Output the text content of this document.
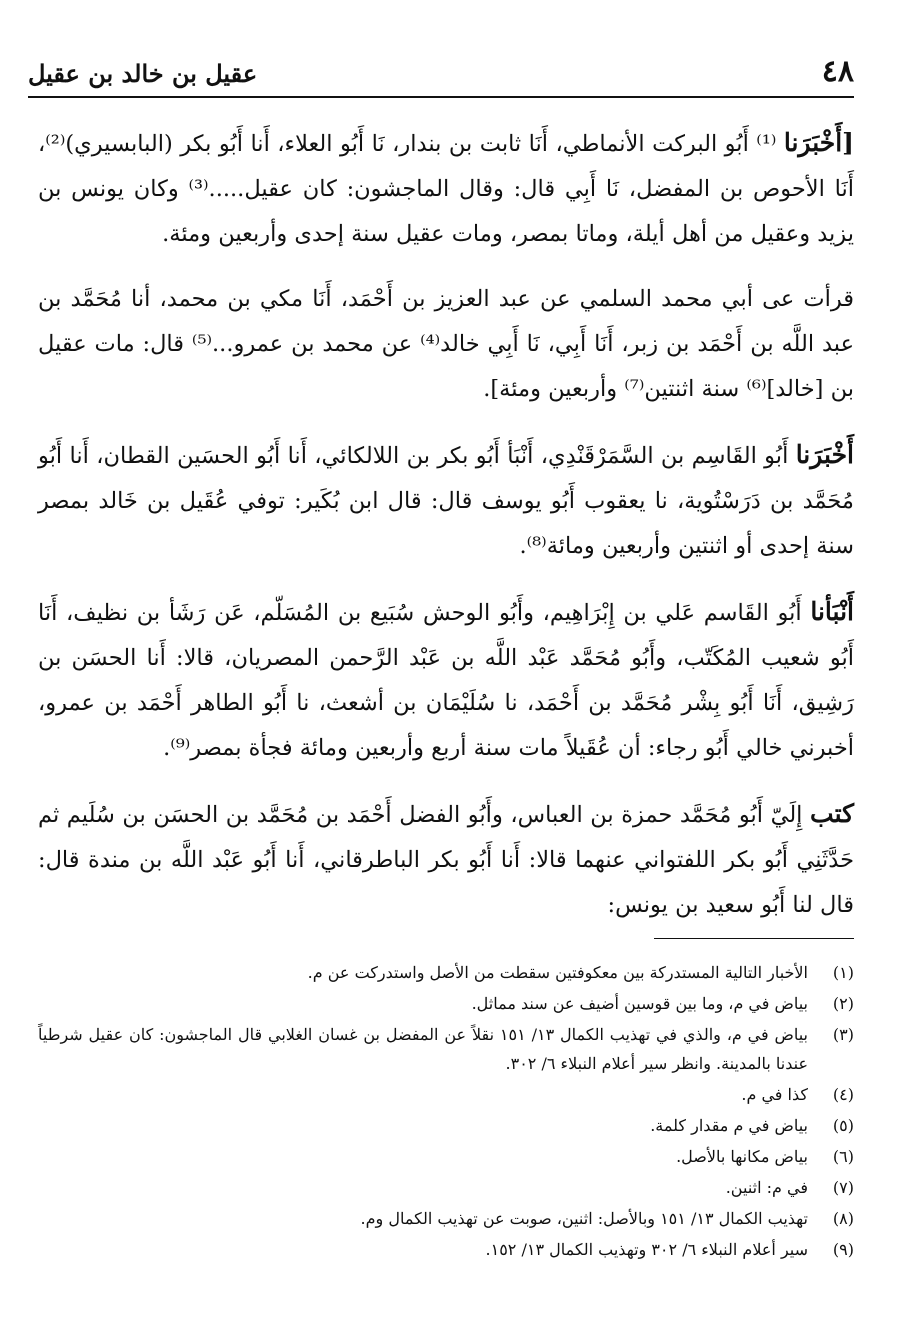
٤٨
عقيل بن خالد بن عقيل

[أَخْبَرَنا ⁽¹⁾ أَبُو البركت الأنماطي، أَنَا ثابت بن بندار، نَا أَبُو العلاء، أَنا أَبُو بكر (البابسيري)⁽²⁾، أَنَا الأحوص بن المفضل، نَا أَبِي قال: وقال الماجشون: كان عقيل.....⁽³⁾ وكان يونس بن يزيد وعقيل من أهل أيلة، وماتا بمصر، ومات عقيل سنة إحدى وأربعين ومئة.

قرأت عى أبي محمد السلمي عن عبد العزيز بن أَحْمَد، أَنَا مكي بن محمد، أنا مُحَمَّد بن عبد اللَّه بن أَحْمَد بن زبر، أَنَا أَبِي، نَا أَبِي خالد⁽⁴⁾ عن محمد بن عمرو...⁽⁵⁾ قال: مات عقيل بن [خالد]⁽⁶⁾ سنة اثنتين⁽⁷⁾ وأربعين ومئة].

أَخْبَرَنا أَبُو القَاسِم بن السَّمَرْقَنْدِي، أَنْبَأ أَبُو بكر بن اللالكائي، أَنا أَبُو الحسَين القطان، أَنا أَبُو مُحَمَّد بن دَرَسْتُوية، نا يعقوب أَبُو يوسف قال: قال ابن بُكَير: توفي عُقَيل بن خَالد بمصر سنة إحدى أو اثنتين وأربعين ومائة⁽⁸⁾.

أَنْبَأنا أَبُو القَاسم عَلي بن إِبْرَاهِيم، وأَبُو الوحش سُبَيع بن المُسَلّم، عَن رَشَأ بن نظيف، أَنَا أَبُو شعيب المُكَتّب، وأَبُو مُحَمَّد عَبْد اللَّه بن عَبْد الرَّحمن المصريان، قالا: أَنا الحسَن بن رَشِيق، أَنَا أَبُو بِشْر مُحَمَّد بن أَحْمَد، نا سُلَيْمَان بن أشعث، نا أَبُو الطاهر أَحْمَد بن عمرو، أخبرني خالي أَبُو رجاء: أن عُقَيلاً مات سنة أربع وأربعين ومائة فجأة بمصر⁽⁹⁾.

كتب إِلَيّ أَبُو مُحَمَّد حمزة بن العباس، وأَبُو الفضل أَحْمَد بن مُحَمَّد بن الحسَن بن سُلَيم ثم حَدَّثَنِي أَبُو بكر اللفتواني عنهما قالا: أَنا أَبُو بكر الباطرقاني، أَنا أَبُو عَبْد اللَّه بن مندة قال: قال لنا أَبُو سعيد بن يونس:

(١)
الأخبار التالية المستدركة بين معكوفتين سقطت من الأصل واستدركت عن م.
(٢)
بياض في م، وما بين قوسين أضيف عن سند مماثل.
(٣)
بياض في م، والذي في تهذيب الكمال ١٣/ ١٥١ نقلاً عن المفضل بن غسان الغلابي قال الماجشون: كان عقيل شرطياً عندنا بالمدينة. وانظر سير أعلام النبلاء ٦/ ٣٠٢.
(٤)
كذا في م.
(٥)
بياض في م مقدار كلمة.
(٦)
بياض مكانها بالأصل.
(٧)
في م: اثنين.
(٨)
تهذيب الكمال ١٣/ ١٥١ وبالأصل: اثنين، صوبت عن تهذيب الكمال وم.
(٩)
سير أعلام النبلاء ٦/ ٣٠٢ وتهذيب الكمال ١٣/ ١٥٢.
